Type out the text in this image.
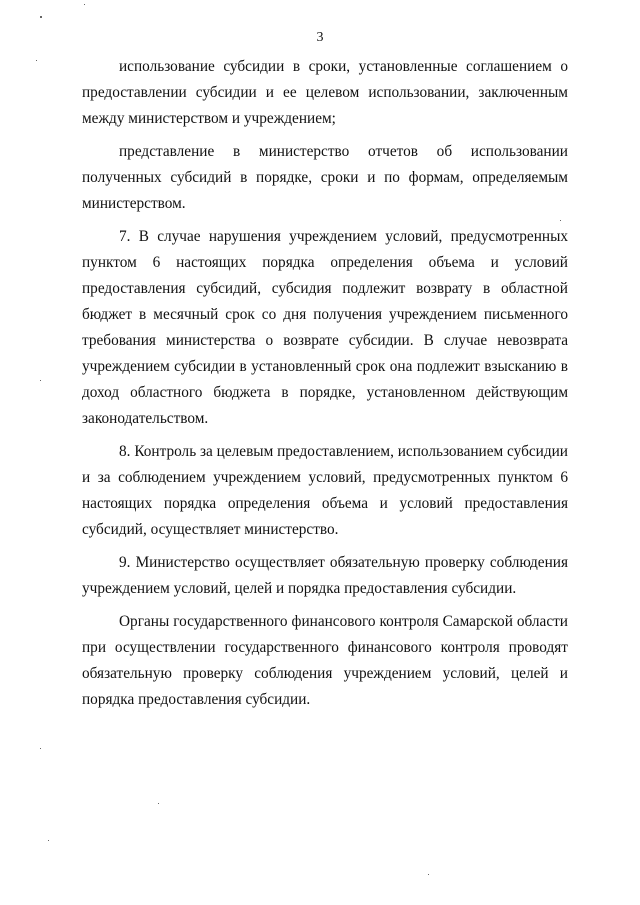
3

использование субсидии в сроки, установленные соглашением о предоставлении субсидии и ее целевом использовании, заключенным между министерством и учреждением;

представление в министерство отчетов об использовании полученных субсидий в порядке, сроки и по формам, определяемым министерством.

7. В случае нарушения учреждением условий, предусмотренных пунктом 6 настоящих порядка определения объема и условий предоставления субсидий, субсидия подлежит возврату в областной бюджет в месячный срок со дня получения учреждением письменного требования министерства о возврате субсидии. В случае невозврата учреждением субсидии в установленный срок она подлежит взысканию в доход областного бюджета в порядке, установленном действующим законодательством.

8. Контроль за целевым предоставлением, использованием субсидии и за соблюдением учреждением условий, предусмотренных пунктом 6 настоящих порядка определения объема и условий предоставления субсидий, осуществляет министерство.

9. Министерство осуществляет обязательную проверку соблюдения учреждением условий, целей и порядка предоставления субсидии.

Органы государственного финансового контроля Самарской области при осуществлении государственного финансового контроля проводят обязательную проверку соблюдения учреждением условий, целей и порядка предоставления субсидии.
